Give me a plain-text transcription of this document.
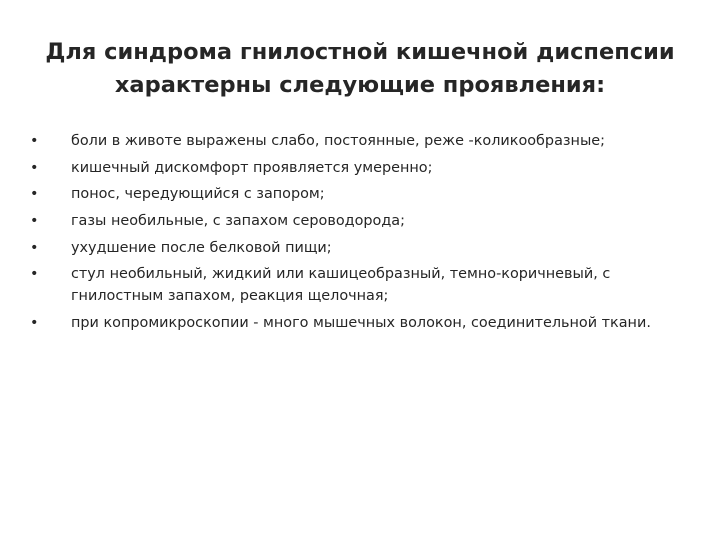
Для синдрома гнилостной кишечной диспепсии
характерны следующие проявления:
• боли в животе выражены слабо, постоянные, реже -коликообразные;
• кишечный дискомфорт проявляется умеренно;
• понос, чередующийся с запором;
• газы необильные, с запахом сероводорода;
• ухудшение после белковой пищи;
• стул необильный, жидкий или кашицеобразный, темно-коричневый, с гнилостным запахом, реакция щелочная;
• при копромикроскопии - много мышечных волокон, соединительной ткани.
